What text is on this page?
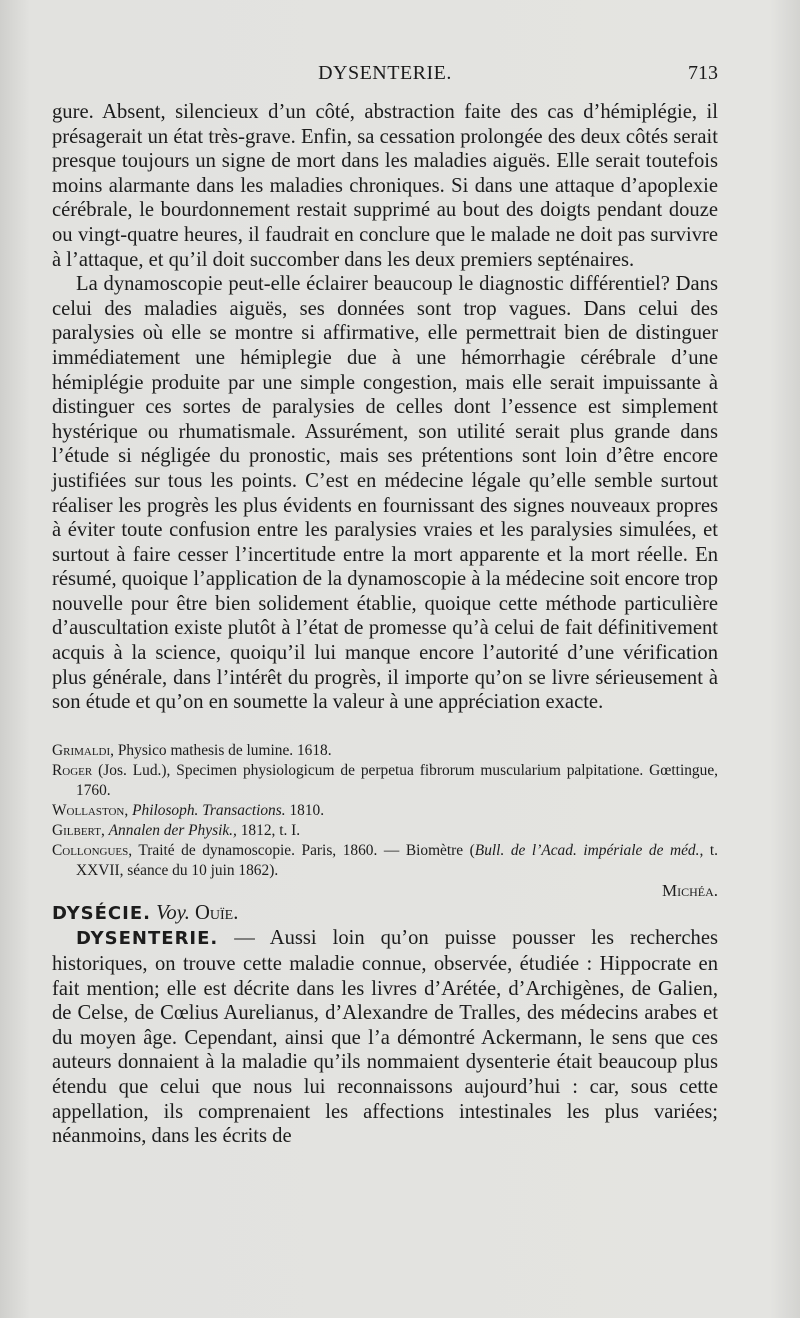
DYSENTERIE.	713

gure. Absent, silencieux d’un côté, abstraction faite des cas d’hémiplégie, il présagerait un état très-grave. Enfin, sa cessation prolongée des deux côtés serait presque toujours un signe de mort dans les maladies aiguës. Elle serait toutefois moins alarmante dans les maladies chroniques. Si dans une attaque d’apoplexie cérébrale, le bourdonnement restait supprimé au bout des doigts pendant douze ou vingt-quatre heures, il faudrait en conclure que le malade ne doit pas survivre à l’attaque, et qu’il doit succomber dans les deux premiers septénaires.

La dynamoscopie peut-elle éclairer beaucoup le diagnostic différentiel? Dans celui des maladies aiguës, ses données sont trop vagues. Dans celui des paralysies où elle se montre si affirmative, elle permettrait bien de distinguer immédiatement une hémiplegie due à une hémorrhagie cérébrale d’une hémiplégie produite par une simple congestion, mais elle serait impuissante à distinguer ces sortes de paralysies de celles dont l’essence est simplement hystérique ou rhumatismale. Assurément, son utilité serait plus grande dans l’étude si négligée du pronostic, mais ses prétentions sont loin d’être encore justifiées sur tous les points. C’est en médecine légale qu’elle semble surtout réaliser les progrès les plus évidents en fournissant des signes nouveaux propres à éviter toute confusion entre les paralysies vraies et les paralysies simulées, et surtout à faire cesser l’incertitude entre la mort apparente et la mort réelle. En résumé, quoique l’application de la dynamoscopie à la médecine soit encore trop nouvelle pour être bien solidement établie, quoique cette méthode particulière d’auscultation existe plutôt à l’état de promesse qu’à celui de fait définitivement acquis à la science, quoiqu’il lui manque encore l’autorité d’une vérification plus générale, dans l’intérêt du progrès, il importe qu’on se livre sérieusement à son étude et qu’on en soumette la valeur à une appréciation exacte.

Grimaldi, Physico mathesis de lumine. 1618.

Roger (Jos. Lud.), Specimen physiologicum de perpetua fibrorum muscularium palpitatione. Gœttingue, 1760.

Wollaston, Philosoph. Transactions. 1810.

Gilbert, Annalen der Physik., 1812, t. I.

Collongues, Traité de dynamoscopie. Paris, 1860. — Biomètre (Bull. de l’Acad. impériale de méd., t. XXVII, séance du 10 juin 1862).

Michéa.

DYSÉCIE. Voy. Ouïe.

DYSENTERIE. — Aussi loin qu’on puisse pousser les recherches historiques, on trouve cette maladie connue, observée, étudiée : Hippocrate en fait mention; elle est décrite dans les livres d’Arétée, d’Archigènes, de Galien, de Celse, de Cœlius Aurelianus, d’Alexandre de Tralles, des médecins arabes et du moyen âge. Cependant, ainsi que l’a démontré Ackermann, le sens que ces auteurs donnaient à la maladie qu’ils nommaient dysenterie était beaucoup plus étendu que celui que nous lui reconnaissons aujourd’hui : car, sous cette appellation, ils comprenaient les affections intestinales les plus variées; néanmoins, dans les écrits de
